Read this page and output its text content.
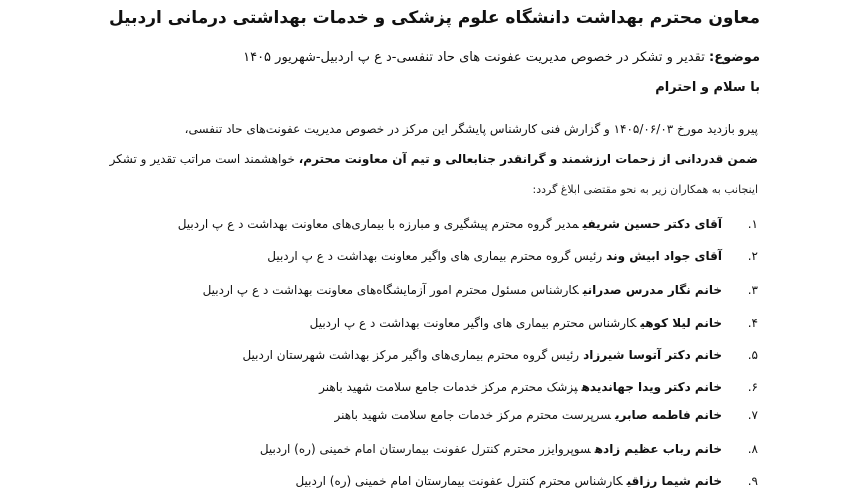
معاون محترم بهداشت دانشگاه علوم پزشکی و خدمات بهداشتی درمانی اردبیل
موضوع: تقدیر و تشکر در خصوص مدیریت عفونت های حاد تنفسی-د ع پ اردبیل-شهریور ۱۴۰۵
با سلام و احترام
پیرو بازدید مورخ ۱۴۰۵/۰۶/۰۳ و گزارش فنی کارشناس پایشگر این مرکز در خصوص مدیریت عفونت‌های حاد تنفسی،
ضمن قدردانی از زحمات ارزشمند و گرانقدر جنابعالی و تیم آن معاونت محترم، خواهشمند است مراتب تقدیر و تشکر
اینجانب به همکاران زیر به نحو مقتضی ابلاغ گردد:
۱.آقای دکتر حسین شریفیمدیر گروه محترم پیشگیری و مبارزه با بیماری‌های معاونت بهداشت د ع پ اردبیل
۲.آقای جواد ابیش وندرئیس گروه محترم بیماری های واگیر معاونت بهداشت د ع پ اردبیل
۳.خانم نگار مدرس صدرانیکارشناس مسئول محترم امور آزمایشگاه‌های معاونت بهداشت د ع پ اردبیل
۴.خانم لیلا کوهیکارشناس محترم بیماری های واگیر معاونت بهداشت د ع پ اردبیل
۵.خانم دکتر آتوسا شیرزادرئیس گروه محترم بیماری‌های واگیر مرکز بهداشت شهرستان اردبیل
۶.خانم دکتر ویدا جهاندیدهپزشک محترم مرکز خدمات جامع سلامت شهید باهنر
۷.خانم فاطمه صابریسرپرست محترم مرکز خدمات جامع سلامت شهید باهنر
۸.خانم رباب عظیم زادهسوپروایزر محترم کنترل عفونت بیمارستان امام خمینی (ره) اردبیل
۹.خانم شیما رزاقیکارشناس محترم کنترل عفونت بیمارستان امام خمینی (ره) اردبیل
